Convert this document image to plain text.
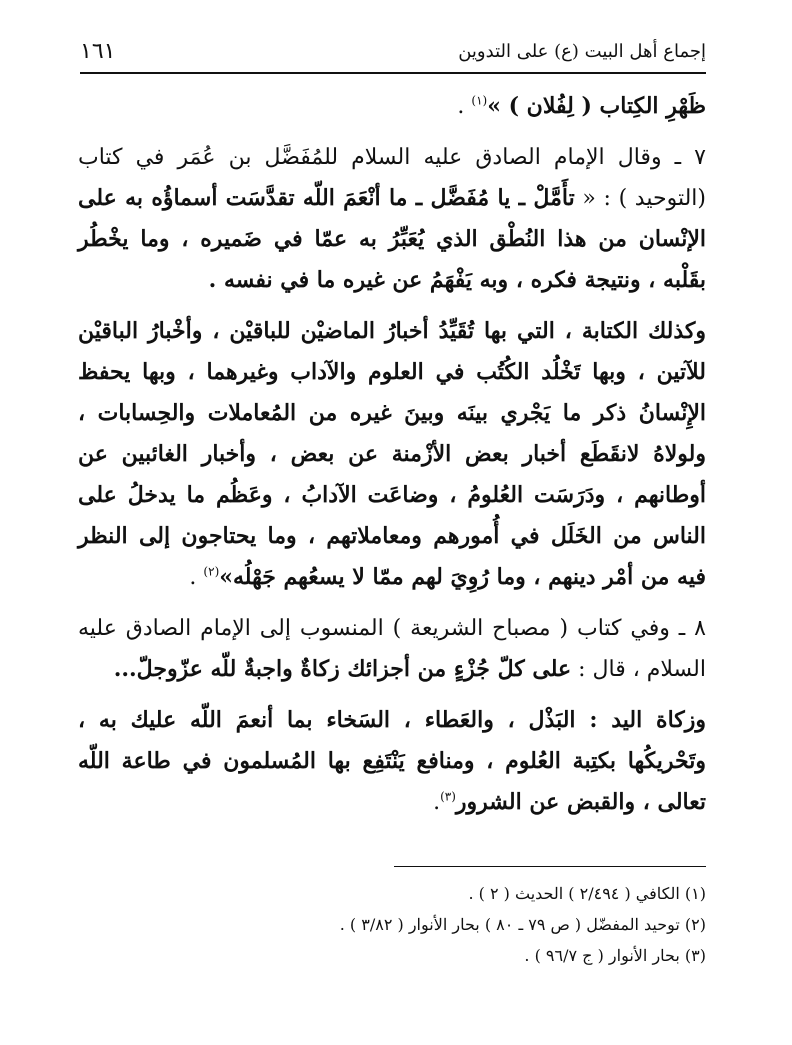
إجماع أهل البيت (ع) على التدوين
١٦١

ظَهْرِ الكِتاب ( لِفُلان ) »$^{(١)}$ .

٧ ـ وقال الإمام الصادق عليه السلام للمُفَضَّل بن عُمَر في كتاب (التوحيد ) : « تأَمَّلْ ـ يا مُفَضَّل ـ ما أنْعَمَ اللّه تقدَّسَت أسماؤُه به على الإنْسان من هذا النُطْق الذي يُعَبِّرُ به عمّا في ضَميره ، وما يخْطُر بقَلْبه ، ونتيجة فكره ، وبه يَفْهَمُ عن غيره ما في نفسه .

وكذلك الكتابة ، التي بها تُقَيِّدُ أخبارُ الماضيْن للباقيْن ، وأخْبارُ الباقيْن للآتين ، وبها تَخْلُد الكُتُب في العلوم والآداب وغيرهما ، وبها يحفظ الإِنْسانُ ذكر ما يَجْري بينَه وبينَ غيره من المُعاملات والحِسابات ، ولولاهُ لانقَطَع أخبار بعض الأزْمنة عن بعض ، وأخبار الغائبين عن أوطانهم ، ودَرَسَت العُلومُ ، وضاعَت الآدابُ ، وعَظُم ما يدخلُ على الناس من الخَلَل في أُمورهم ومعاملاتهم ، وما يحتاجون إلى النظر فيه من أمْر دينهم ، وما رُوِيَ لهم ممّا لا يسعُهم جَهْلُه»$^{(٢)}$ .

٨ ـ وفي كتاب ( مصباح الشريعة ) المنسوب إلى الإمام الصادق عليه السلام ، قال : على كلّ جُزْءٍ من أجزائك زكاةٌ واجبةٌ للّه عزّوجلّ...

وزكاة اليد : البَذْل ، والعَطاء ، السَخاء بما أنعمَ اللّه عليك به ، وتَحْريكُها بكتِبة العُلوم ، ومنافع يَنْتَفِع بها المُسلمون في طاعة اللّه تعالى ، والقبض عن الشرور$^{(٣)}$.

(١) الكافي ( ٢/٤٩٤ ) الحديث ( ٢ ) .
(٢) توحيد المفضّل ( ص ٧٩ ـ ٨٠ ) بحار الأنوار ( ٣/٨٢ ) .
(٣) بحار الأنوار ( ج ٩٦/٧ ) .
